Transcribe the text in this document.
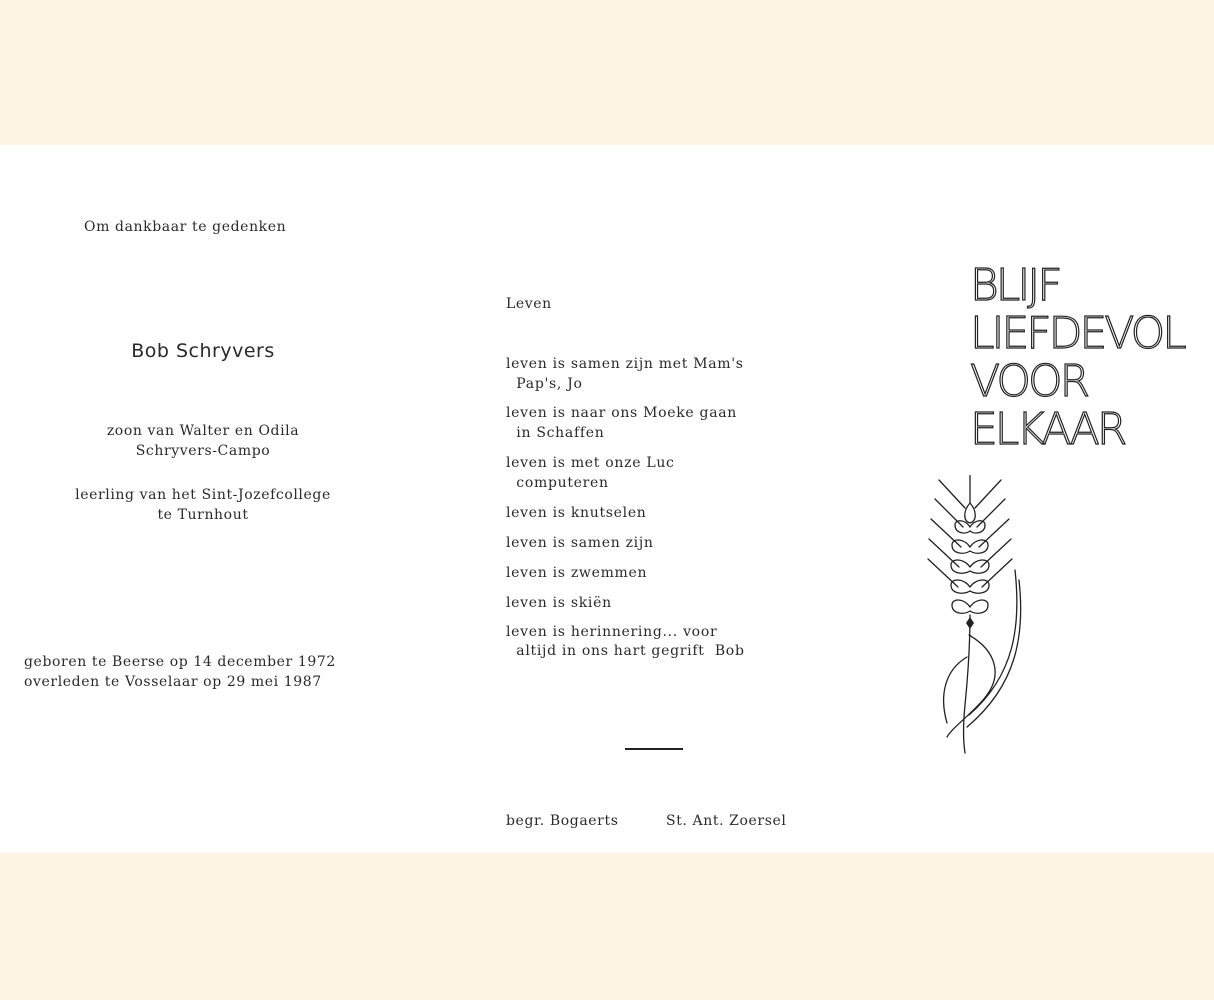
Om dankbaar te gedenken
Bob Schryvers
zoon van Walter en Odila
Schryvers-Campo
leerling van het Sint-Jozefcollege
te Turnhout
geboren te Beerse op 14 december 1972
overleden te Vosselaar op 29 mei 1987
Leven
leven is samen zijn met Mam's
Pap's, Jo
leven is naar ons Moeke gaan
in Schaffen
leven is met onze Luc
computeren
leven is knutselen
leven is samen zijn
leven is zwemmen
leven is skiën
leven is herinnering... voor
altijd in ons hart gegrift  Bob
begr. Bogaerts	St. Ant. Zoersel
BLIJF
LIEFDEVOL
VOOR
ELKAAR
